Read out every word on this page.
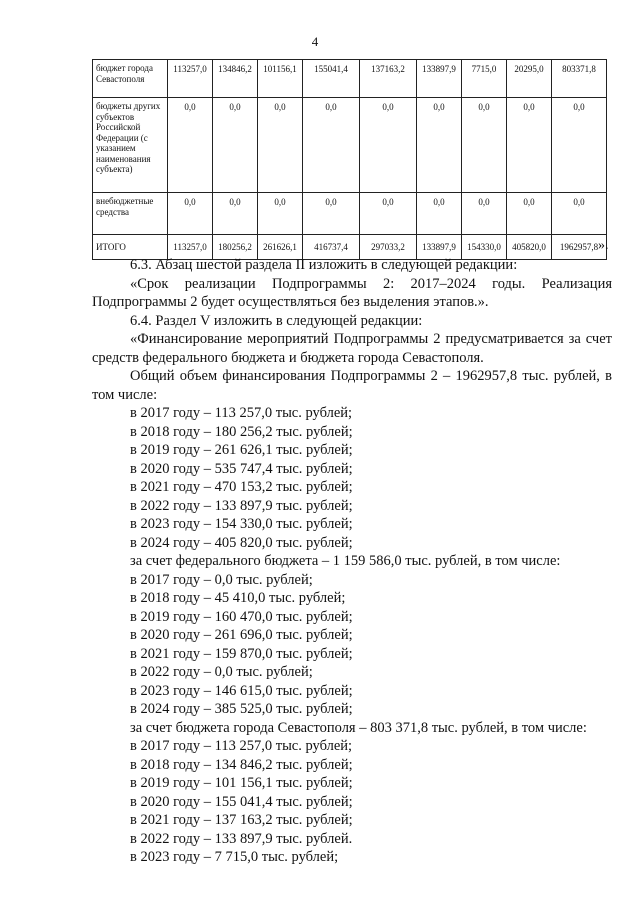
4
бюджет города Севастополя	113257,0	134846,2	101156,1	155041,4	137163,2	133897,9	7715,0	20295,0	803371,8
бюджеты других субъектов Российской Федерации (с указанием наименования субъекта)	0,0	0,0	0,0	0,0	0,0	0,0	0,0	0,0	0,0
внебюджетные средства	0,0	0,0	0,0	0,0	0,0	0,0	0,0	0,0	0,0
ИТОГО	113257,0	180256,2	261626,1	416737,4	297033,2	133897,9	154330,0	405820,0	1962957,8 ».

6.3. Абзац шестой раздела II изложить в следующей редакции:

«Срок реализации Подпрограммы 2: 2017–2024 годы. Реализация Подпрограммы 2 будет осуществляться без выделения этапов.».

6.4. Раздел V изложить в следующей редакции:

«Финансирование мероприятий Подпрограммы 2 предусматривается за счет средств федерального бюджета и бюджета города Севастополя.

Общий объем финансирования Подпрограммы 2 – 1962957,8 тыс. рублей, в том числе:

в 2017 году – 113 257,0 тыс. рублей;

в 2018 году – 180 256,2 тыс. рублей;

в 2019 году – 261 626,1 тыс. рублей;

в 2020 году – 535 747,4 тыс. рублей;

в 2021 году – 470 153,2 тыс. рублей;

в 2022 году – 133 897,9 тыс. рублей;

в 2023 году – 154 330,0 тыс. рублей;

в 2024 году – 405 820,0 тыс. рублей;

за счет федерального бюджета – 1 159 586,0 тыс. рублей, в том числе:

в 2017 году – 0,0 тыс. рублей;

в 2018 году – 45 410,0 тыс. рублей;

в 2019 году – 160 470,0 тыс. рублей;

в 2020 году – 261 696,0 тыс. рублей;

в 2021 году – 159 870,0 тыс. рублей;

в 2022 году – 0,0 тыс. рублей;

в 2023 году – 146 615,0 тыс. рублей;

в 2024 году – 385 525,0 тыс. рублей;

за счет бюджета города Севастополя – 803 371,8 тыс. рублей, в том числе:

в 2017 году – 113 257,0 тыс. рублей;

в 2018 году – 134 846,2 тыс. рублей;

в 2019 году – 101 156,1 тыс. рублей;

в 2020 году – 155 041,4 тыс. рублей;

в 2021 году – 137 163,2 тыс. рублей;

в 2022 году – 133 897,9 тыс. рублей.

в 2023 году – 7 715,0 тыс. рублей;
